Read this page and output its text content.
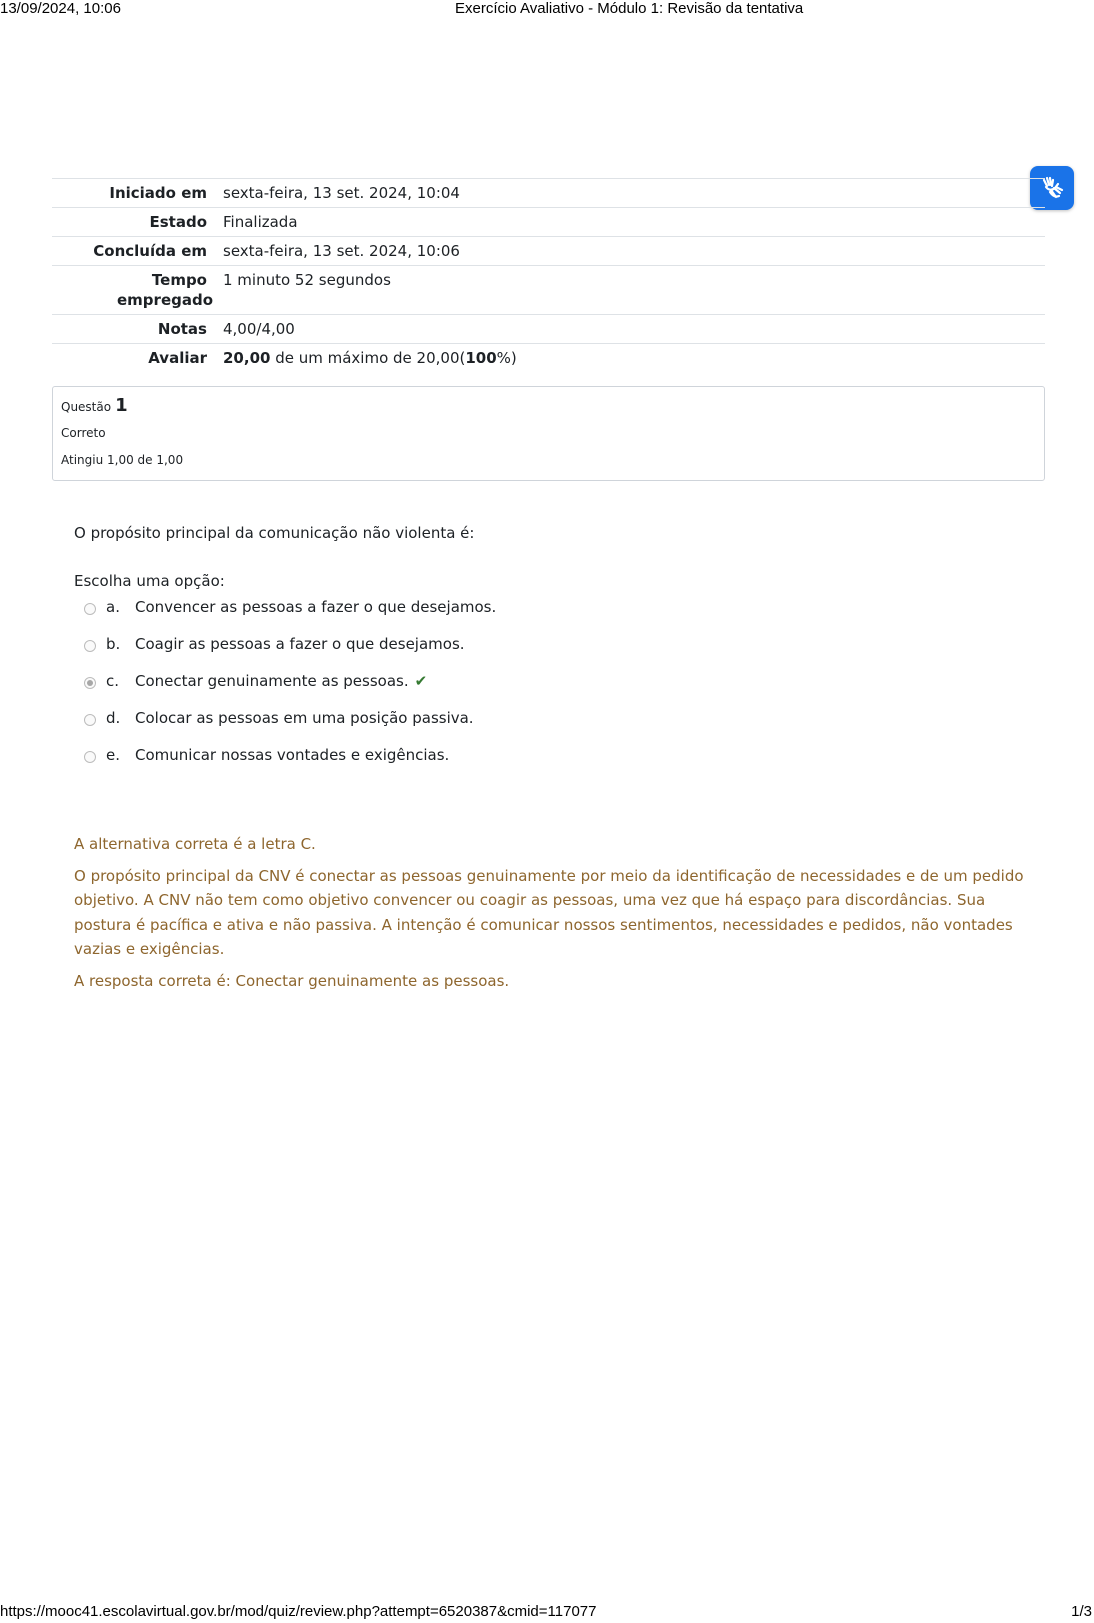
13/09/2024, 10:06	Exercício Avaliativo - Módulo 1: Revisão da tentativa
Iniciado em	sexta-feira, 13 set. 2024, 10:04
Estado	Finalizada
Concluída em	sexta-feira, 13 set. 2024, 10:06
Tempo empregado	1 minuto 52 segundos
Notas	4,00/4,00
Avaliar	20,00 de um máximo de 20,00(100%)
Questão 1
Correto
Atingiu 1,00 de 1,00
O propósito principal da comunicação não violenta é:
Escolha uma opção:
a. Convencer as pessoas a fazer o que desejamos.
b. Coagir as pessoas a fazer o que desejamos.
c. Conectar genuinamente as pessoas. ✔
d. Colocar as pessoas em uma posição passiva.
e. Comunicar nossas vontades e exigências.

A alternativa correta é a letra C.

O propósito principal da CNV é conectar as pessoas genuinamente por meio da identificação de necessidades e de um pedido objetivo. A CNV não tem como objetivo convencer ou coagir as pessoas, uma vez que há espaço para discordâncias. Sua postura é pacífica e ativa e não passiva. A intenção é comunicar nossos sentimentos, necessidades e pedidos, não vontades vazias e exigências.

A resposta correta é: Conectar genuinamente as pessoas.

https://mooc41.escolavirtual.gov.br/mod/quiz/review.php?attempt=6520387&cmid=117077	1/3
